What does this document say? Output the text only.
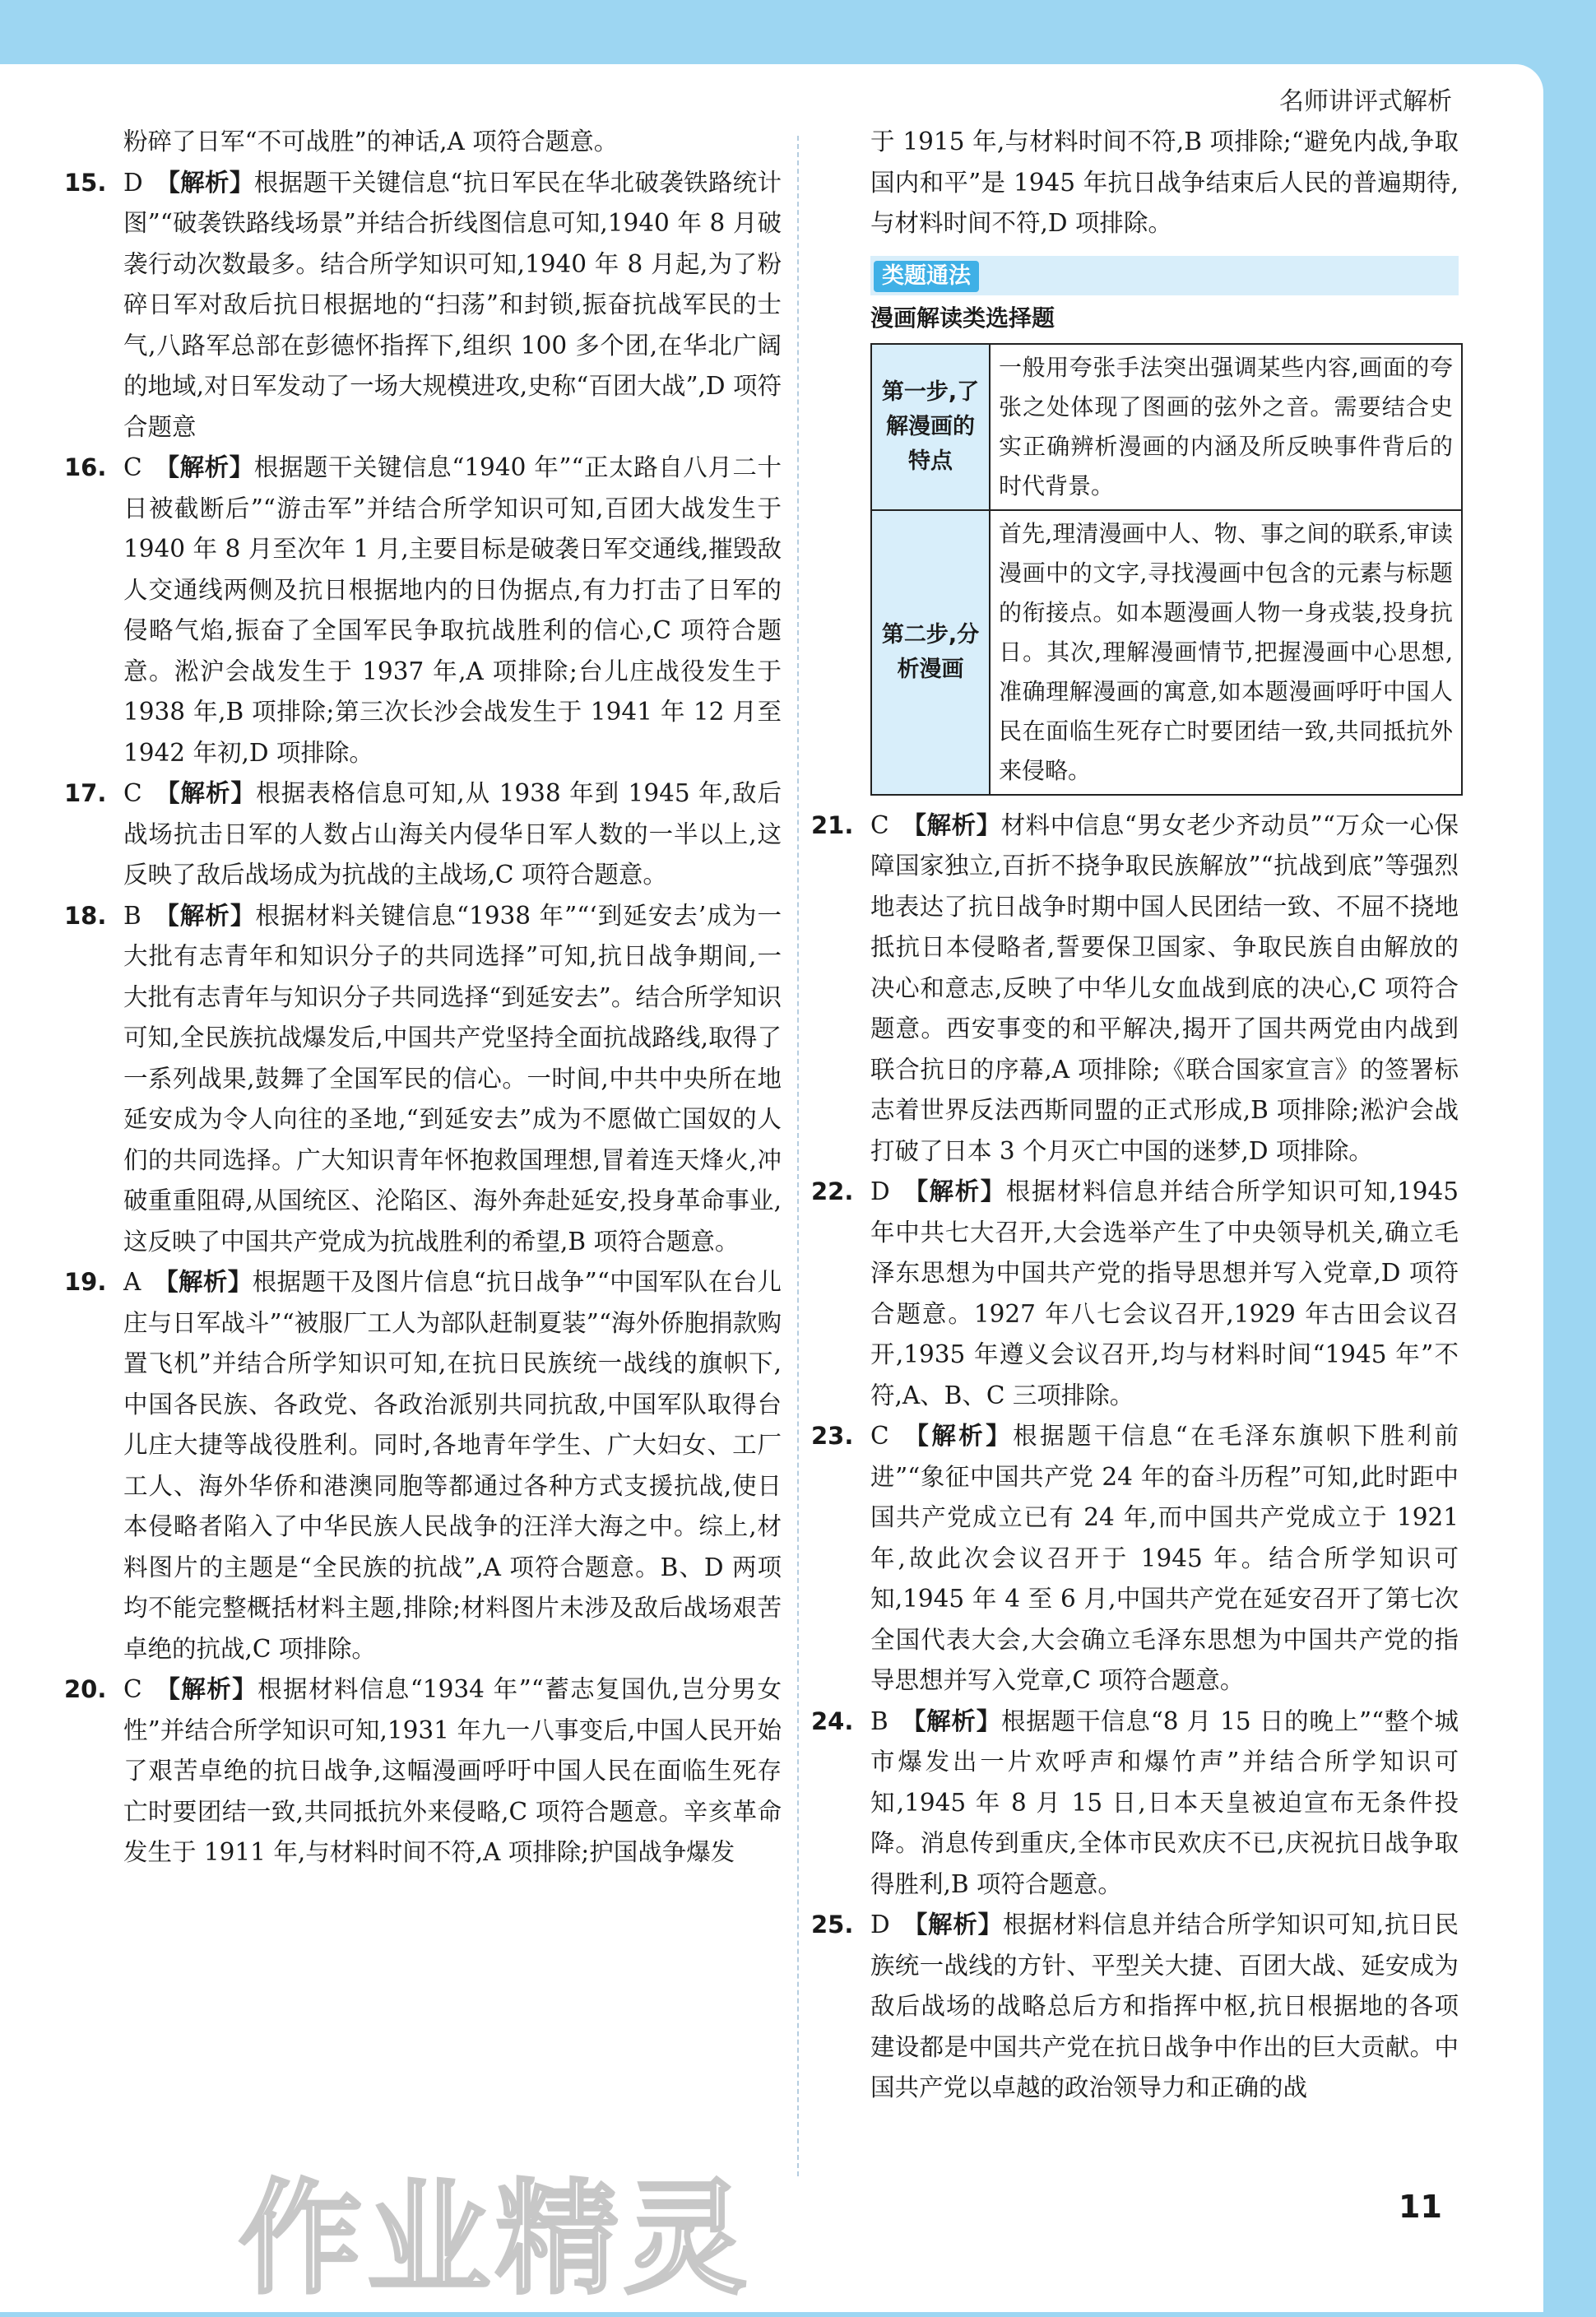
名师讲评式解析
粉碎了日军“不可战胜”的神话,A 项符合题意。
15. D 【解析】根据题干关键信息“抗日军民在华北破袭铁路统计图”“破袭铁路线场景”并结合折线图信息可知,1940 年 8 月破袭行动次数最多。结合所学知识可知,1940 年 8 月起,为了粉碎日军对敌后抗日根据地的“扫荡”和封锁,振奋抗战军民的士气,八路军总部在彭德怀指挥下,组织 100 多个团,在华北广阔的地域,对日军发动了一场大规模进攻,史称“百团大战”,D 项符合题意
16. C 【解析】根据题干关键信息“1940 年”“正太路自八月二十日被截断后”“游击军”并结合所学知识可知,百团大战发生于 1940 年 8 月至次年 1 月,主要目标是破袭日军交通线,摧毁敌人交通线两侧及抗日根据地内的日伪据点,有力打击了日军的侵略气焰,振奋了全国军民争取抗战胜利的信心,C 项符合题意。淞沪会战发生于 1937 年,A 项排除;台儿庄战役发生于 1938 年,B 项排除;第三次长沙会战发生于 1941 年 12 月至 1942 年初,D 项排除。
17. C 【解析】根据表格信息可知,从 1938 年到 1945 年,敌后战场抗击日军的人数占山海关内侵华日军人数的一半以上,这反映了敌后战场成为抗战的主战场,C 项符合题意。
18. B 【解析】根据材料关键信息“1938 年”“‘到延安去’成为一大批有志青年和知识分子的共同选择”可知,抗日战争期间,一大批有志青年与知识分子共同选择“到延安去”。结合所学知识可知,全民族抗战爆发后,中国共产党坚持全面抗战路线,取得了一系列战果,鼓舞了全国军民的信心。一时间,中共中央所在地延安成为令人向往的圣地,“到延安去”成为不愿做亡国奴的人们的共同选择。广大知识青年怀抱救国理想,冒着连天烽火,冲破重重阻碍,从国统区、沦陷区、海外奔赴延安,投身革命事业,这反映了中国共产党成为抗战胜利的希望,B 项符合题意。
19. A 【解析】根据题干及图片信息“抗日战争”“中国军队在台儿庄与日军战斗”“被服厂工人为部队赶制夏装”“海外侨胞捐款购置飞机”并结合所学知识可知,在抗日民族统一战线的旗帜下,中国各民族、各政党、各政治派别共同抗敌,中国军队取得台儿庄大捷等战役胜利。同时,各地青年学生、广大妇女、工厂工人、海外华侨和港澳同胞等都通过各种方式支援抗战,使日本侵略者陷入了中华民族人民战争的汪洋大海之中。综上,材料图片的主题是“全民族的抗战”,A 项符合题意。B、D 两项均不能完整概括材料主题,排除;材料图片未涉及敌后战场艰苦卓绝的抗战,C 项排除。
20. C 【解析】根据材料信息“1934 年”“蓄志复国仇,岂分男女性”并结合所学知识可知,1931 年九一八事变后,中国人民开始了艰苦卓绝的抗日战争,这幅漫画呼吁中国人民在面临生死存亡时要团结一致,共同抵抗外来侵略,C 项符合题意。辛亥革命发生于 1911 年,与材料时间不符,A 项排除;护国战争爆发
于 1915 年,与材料时间不符,B 项排除;“避免内战,争取国内和平”是 1945 年抗日战争结束后人民的普遍期待,与材料时间不符,D 项排除。
类题通法
漫画解读类选择题
第一步,了解漫画的特点	一般用夸张手法突出强调某些内容,画面的夸张之处体现了图画的弦外之音。需要结合史实正确辨析漫画的内涵及所反映事件背后的时代背景。
第二步,分析漫画	首先,理清漫画中人、物、事之间的联系,审读漫画中的文字,寻找漫画中包含的元素与标题的衔接点。如本题漫画人物一身戎装,投身抗日。其次,理解漫画情节,把握漫画中心思想,准确理解漫画的寓意,如本题漫画呼吁中国人民在面临生死存亡时要团结一致,共同抵抗外来侵略。
21. C 【解析】材料中信息“男女老少齐动员”“万众一心保障国家独立,百折不挠争取民族解放”“抗战到底”等强烈地表达了抗日战争时期中国人民团结一致、不屈不挠地抵抗日本侵略者,誓要保卫国家、争取民族自由解放的决心和意志,反映了中华儿女血战到底的决心,C 项符合题意。西安事变的和平解决,揭开了国共两党由内战到联合抗日的序幕,A 项排除;《联合国家宣言》的签署标志着世界反法西斯同盟的正式形成,B 项排除;淞沪会战打破了日本 3 个月灭亡中国的迷梦,D 项排除。
22. D 【解析】根据材料信息并结合所学知识可知,1945 年中共七大召开,大会选举产生了中央领导机关,确立毛泽东思想为中国共产党的指导思想并写入党章,D 项符合题意。1927 年八七会议召开,1929 年古田会议召开,1935 年遵义会议召开,均与材料时间“1945 年”不符,A、B、C 三项排除。
23. C 【解析】根据题干信息“在毛泽东旗帜下胜利前进”“象征中国共产党 24 年的奋斗历程”可知,此时距中国共产党成立已有 24 年,而中国共产党成立于 1921 年,故此次会议召开于 1945 年。结合所学知识可知,1945 年 4 至 6 月,中国共产党在延安召开了第七次全国代表大会,大会确立毛泽东思想为中国共产党的指导思想并写入党章,C 项符合题意。
24. B 【解析】根据题干信息“8 月 15 日的晚上”“整个城市爆发出一片欢呼声和爆竹声”并结合所学知识可知,1945 年 8 月 15 日,日本天皇被迫宣布无条件投降。消息传到重庆,全体市民欢庆不已,庆祝抗日战争取得胜利,B 项符合题意。
25. D 【解析】根据材料信息并结合所学知识可知,抗日民族统一战线的方针、平型关大捷、百团大战、延安成为敌后战场的战略总后方和指挥中枢,抗日根据地的各项建设都是中国共产党在抗日战争中作出的巨大贡献。中国共产党以卓越的政治领导力和正确的战
作业精灵	11
